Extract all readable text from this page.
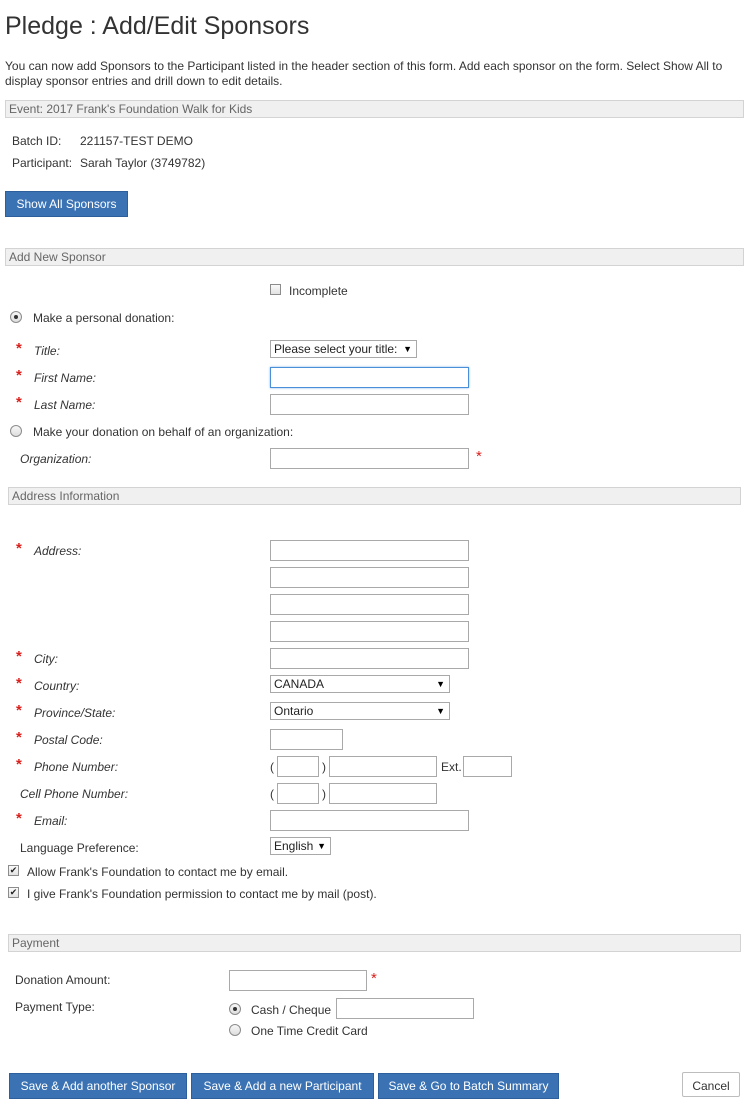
Pledge : Add/Edit Sponsors
You can now add Sponsors to the Participant listed in the header section of this form. Add each sponsor on the form. Select Show All to display sponsor entries and drill down to edit details.
Event: 2017 Frank's Foundation Walk for Kids
Batch ID: 221157-TEST DEMO
Participant: Sarah Taylor (3749782)
Show All Sponsors
Add New Sponsor
Incomplete
Make a personal donation:
* Title:	Please select your title: ▼
* First Name:
* Last Name:
Make your donation on behalf of an organization:
Organization:	*
Address Information
* Address:
* City:
* Country:	CANADA	▼
* Province/State:	Ontario	▼
* Postal Code:
* Phone Number:	(	)	Ext.
Cell Phone Number:	(	)
* Email:
Language Preference:	English ▼
✔ Allow Frank's Foundation to contact me by email.
✔ I give Frank's Foundation permission to contact me by mail (post).
Payment
Donation Amount:	*
Payment Type:	Cash / Cheque
One Time Credit Card
Save & Add another Sponsor	Save & Add a new Participant	Save & Go to Batch Summary	Cancel
